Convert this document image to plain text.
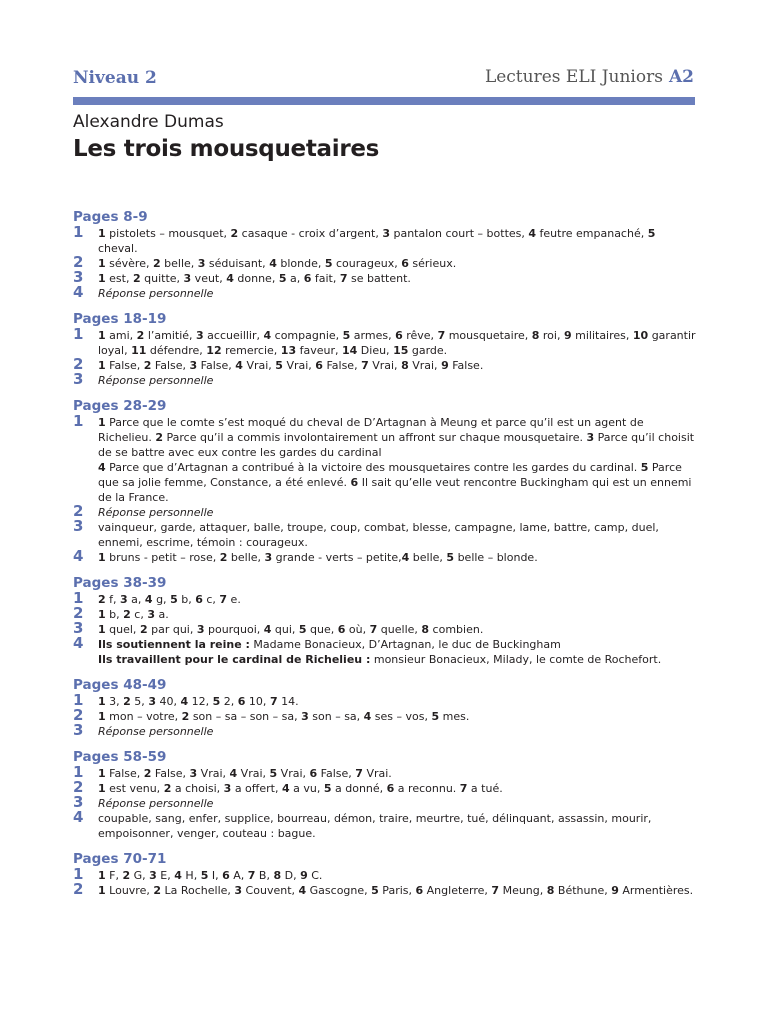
Niveau 2	Lectures ELI Juniors A2
Alexandre Dumas
Les trois mousquetaires
Pages 8-9
1 1 pistolets – mousquet, 2 casaque - croix d’argent, 3 pantalon court – bottes, 4 feutre empanaché, 5 cheval.
2 1 sévère, 2 belle, 3 séduisant, 4 blonde, 5 courageux, 6 sérieux.
3 1 est, 2 quitte, 3 veut, 4 donne, 5 a, 6 fait, 7 se battent.
4 Réponse personnelle
Pages 18-19
1 1 ami, 2 l’amitié, 3 accueillir, 4 compagnie, 5 armes, 6 rêve, 7 mousquetaire, 8 roi, 9 militaires, 10 garantir loyal, 11 défendre, 12 remercie, 13 faveur, 14 Dieu, 15 garde.
2 1 False, 2 False, 3 False, 4 Vrai, 5 Vrai, 6 False, 7 Vrai, 8 Vrai, 9 False.
3 Réponse personnelle
Pages 28-29
1 1 Parce que le comte s’est moqué du cheval de D’Artagnan à Meung et parce qu’il est un agent de Richelieu. 2 Parce qu’il a commis involontairement un affront sur chaque mousquetaire. 3 Parce qu’il choisit de se battre avec eux contre les gardes du cardinal
4 Parce que d’Artagnan a contribué à la victoire des mousquetaires contre les gardes du cardinal. 5 Parce que sa jolie femme, Constance, a été enlevé. 6 Il sait qu’elle veut rencontre Buckingham qui est un ennemi de la France.
2 Réponse personnelle
3 vainqueur, garde, attaquer, balle, troupe, coup, combat, blesse, campagne, lame, battre, camp, duel, ennemi, escrime, témoin : courageux.
4 1 bruns - petit – rose, 2 belle, 3 grande - verts – petite,4 belle, 5 belle – blonde.
Pages 38-39
1 2 f, 3 a, 4 g, 5 b, 6 c, 7 e.
2 1 b, 2 c, 3 a.
3 1 quel, 2 par qui, 3 pourquoi, 4 qui, 5 que, 6 où, 7 quelle, 8 combien.
4 Ils soutiennent la reine : Madame Bonacieux, D’Artagnan, le duc de Buckingham
Ils travaillent pour le cardinal de Richelieu : monsieur Bonacieux, Milady, le comte de Rochefort.
Pages 48-49
1 1 3, 2 5, 3 40, 4 12, 5 2, 6 10, 7 14.
2 1 mon – votre, 2 son – sa – son – sa, 3 son – sa, 4 ses – vos, 5 mes.
3 Réponse personnelle
Pages 58-59
1 1 False, 2 False, 3 Vrai, 4 Vrai, 5 Vrai, 6 False, 7 Vrai.
2 1 est venu, 2 a choisi, 3 a offert, 4 a vu, 5 a donné, 6 a reconnu. 7 a tué.
3 Réponse personnelle
4 coupable, sang, enfer, supplice, bourreau, démon, traire, meurtre, tué, délinquant, assassin, mourir, empoisonner, venger, couteau : bague.
Pages 70-71
1 1 F, 2 G, 3 E, 4 H, 5 I, 6 A, 7 B, 8 D, 9 C.
2 1 Louvre, 2 La Rochelle, 3 Couvent, 4 Gascogne, 5 Paris, 6 Angleterre, 7 Meung, 8 Béthune, 9 Armentières.
